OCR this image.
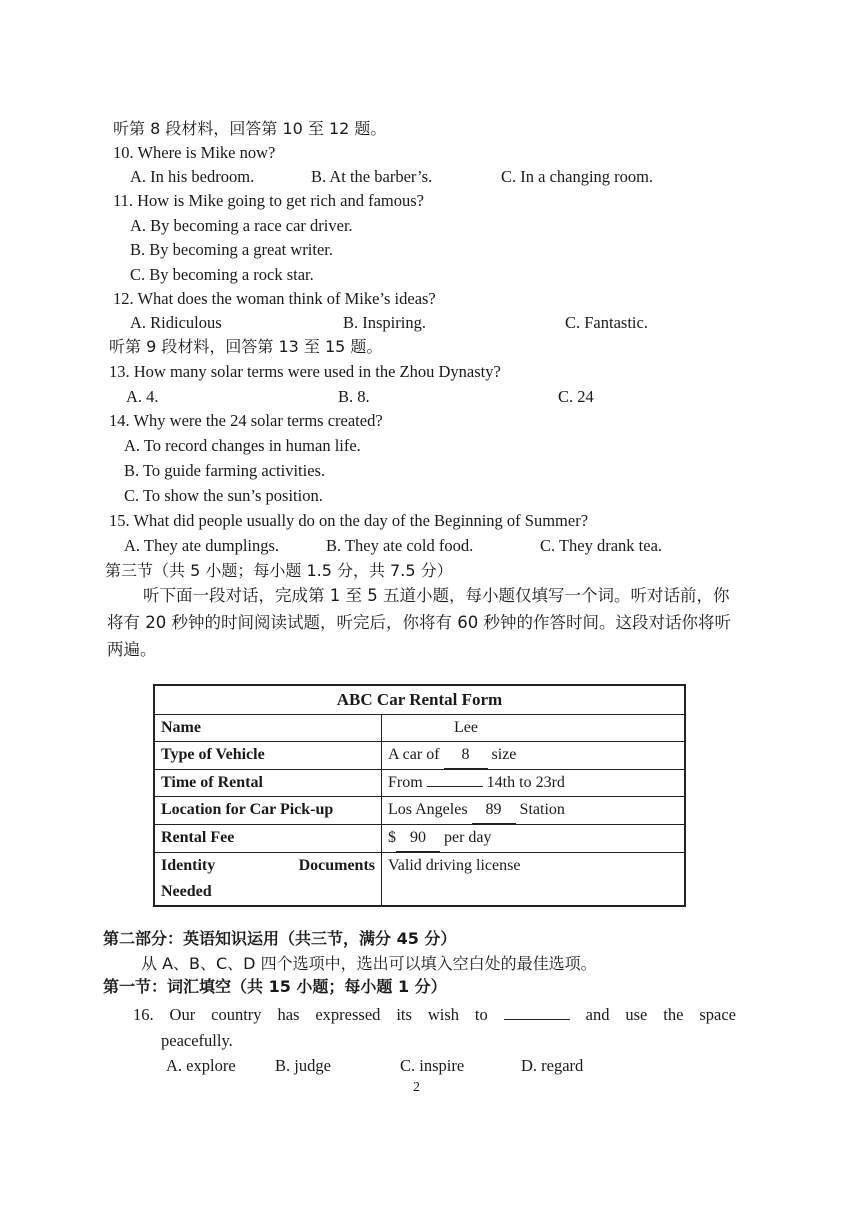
听第 8 段材料，回答第 10 至 12 题。
10. Where is Mike now?
A. In his bedroom.	B. At the barber’s.	C. In a changing room.
11. How is Mike going to get rich and famous?
A. By becoming a race car driver.
B. By becoming a great writer.
C. By becoming a rock star.
12. What does the woman think of Mike’s ideas?
A. Ridiculous	B. Inspiring.	C. Fantastic.
听第 9 段材料，回答第 13 至 15 题。
13. How many solar terms were used in the Zhou Dynasty?
A. 4.	B. 8.	C. 24
14. Why were the 24 solar terms created?
A. To record changes in human life.
B. To guide farming activities.
C. To show the sun’s position.
15. What did people usually do on the day of the Beginning of Summer?
A. They ate dumplings.	B. They ate cold food.	C. They drank tea.
第三节（共 5 小题；每小题 1.5 分，共 7.5 分）
听下面一段对话，完成第 1 至 5 五道小题，每小题仅填写一个词。听对话前，你将有 20 秒钟的时间阅读试题，听完后，你将有 60 秒钟的作答时间。这段对话你将听两遍。
ABC Car Rental Form	
Name	Lee
Type of Vehicle	A car of 8 size
Time of Rental	From 14th to 23rd
Location for Car Pick-up	Los Angeles 89 Station
Rental Fee	$ 90 per day

Identity Documents
Needed	Valid driving license
第二部分：英语知识运用（共三节，满分 45 分）
从 A、B、C、D 四个选项中，选出可以填入空白处的最佳选项。
第一节：词汇填空（共 15 小题；每小题 1 分）
16. Our country has expressed its wish to	and use the space
peacefully.
A. explore B. judge	C. inspire	D. regard
2
